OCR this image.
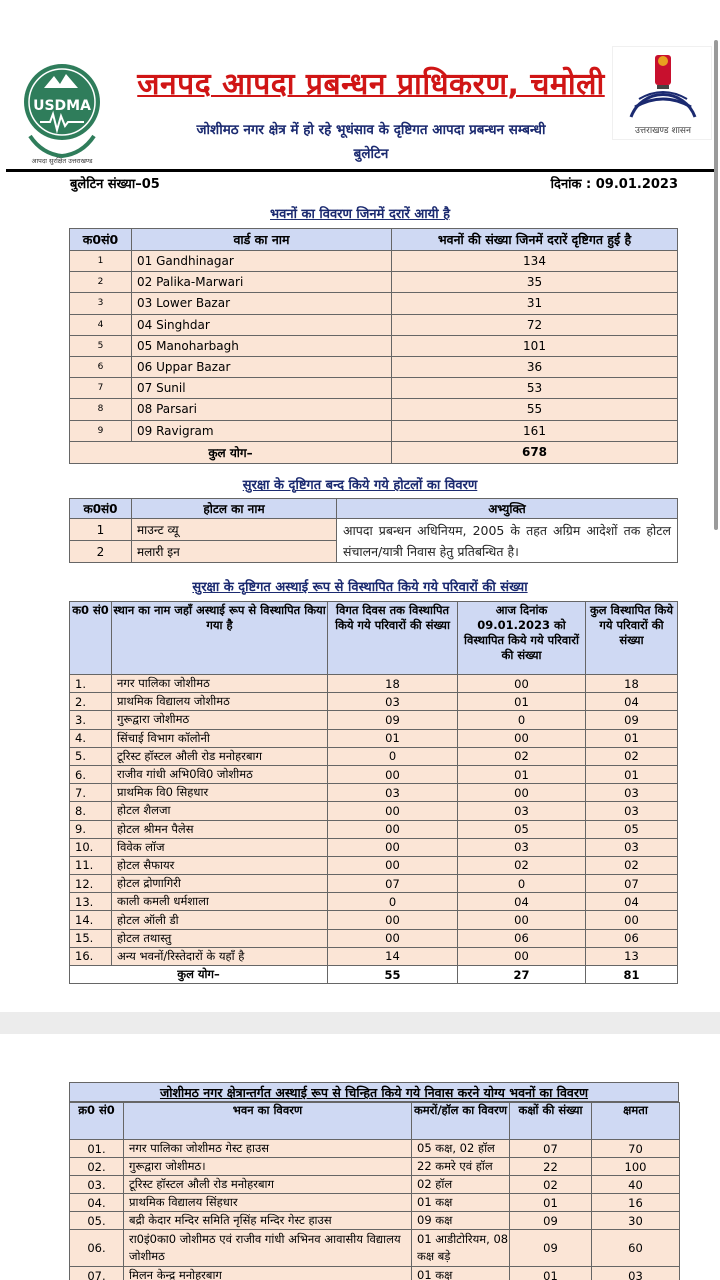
USDMA
आपदा सुरक्षित उत्तराखण्ड
जनपद आपदा प्रबन्धन प्राधिकरण, चमोली
जोशीमठ नगर क्षेत्र में हो रहे भूधंसाव के दृष्टिगत आपदा प्रबन्धन सम्बन्धी
बुलेटिन
उत्तराखण्ड शासन
बुलेटिन संख्या–05	दिनांक : 09.01.2023
भवनों का विवरण जिनमें दरारें आयी है
क0सं0	वार्ड का नाम	भवनों की संख्या जिनमें दरारें दृष्टिगत हुई है
1	01 Gandhinagar	134
2	02 Palika-Marwari	35
3	03 Lower Bazar	31
4	04 Singhdar	72
5	05 Manoharbagh	101
6	06 Uppar Bazar	36
7	07 Sunil	53
8	08 Parsari	55
9	09 Ravigram	161
कुल योग–		678
सुरक्षा के दृष्टिगत बन्द किये गये होटलों का विवरण
क0सं0	होटल का नाम	अभ्युक्ति
1	माउन्ट व्यू	आपदा प्रबन्धन अधिनियम, 2005 के तहत अग्रिम आदेशों तक होटल संचालन/यात्री निवास हेतु प्रतिबन्धित है।
2	मलारी इन	
सुरक्षा के दृष्टिगत अस्थाई रूप से विस्थापित किये गये परिवारों की संख्या
क0 सं0	स्थान का नाम जहॉं अस्थाई रूप से विस्थापित किया गया है	विगत दिवस तक विस्थापित किये गये परिवारों की संख्या	आज दिनांक 09.01.2023 को विस्थापित किये गये परिवारों की संख्या	कुल विस्थापित किये गये परिवारों की संख्या
1.	नगर पालिका जोशीमठ	18	00	18
2.	प्राथमिक विद्यालय जोशीमठ	03	01	04
3.	गुरूद्वारा जोशीमठ	09	0	09
4.	सिंचाई विभाग कॉलोनी	01	00	01
5.	टूरिस्ट हॉस्टल औली रोड मनोहरबाग	0	02	02
6.	राजीव गांधी अभि0वि0 जोशीमठ	00	01	01
7.	प्राथमिक वि0 सिहधार	03	00	03
8.	होटल शैलजा	00	03	03
9.	होटल श्रीमन पैलेस	00	05	05
10.	विवेक लॉज	00	03	03
11.	होटल सैफायर	00	02	02
12.	होटल द्रोणागिरी	07	0	07
13.	काली कमली धर्मशाला	0	04	04
14.	होटल ऑली डी	00	00	00
15.	होटल तथास्तु	00	06	06
16.	अन्य भवनों/रिस्तेदारों के यहॉं है	14	00	13
कुल योग–		55	27	81
जोशीमठ नगर क्षेत्रान्तर्गत अस्थाई रूप से चिन्हित किये गये निवास करने योग्य भवनों का विवरण
क्र0 सं0	भवन का विवरण	कमरों/हॉल का विवरण	कक्षों की संख्या	क्षमता
01.	नगर पालिका जोशीमठ गेस्ट हाउस	05 कक्ष, 02 हॉल	07	70
02.	गुरूद्वारा जोशीमठ।	22 कमरे एवं हॉल	22	100
03.	टूरिस्ट हॉस्टल औली रोड मनोहरबाग	02 हॉल	02	40
04.	प्राथमिक विद्यालय सिंहधार	01 कक्ष	01	16
05.	बद्री केदार मन्दिर समिति नृसिंह मन्दिर गेस्ट हाउस	09 कक्ष	09	30
06.	रा0इं0का0 जोशीमठ एवं राजीव गांधी अभिनव आवासीय विद्यालय जोशीमठ	01 आडीटोरियम, 08 कक्ष बड़े	09	60
07.	मिलन केन्द्र मनोहरबाग	01 कक्ष	01	03
